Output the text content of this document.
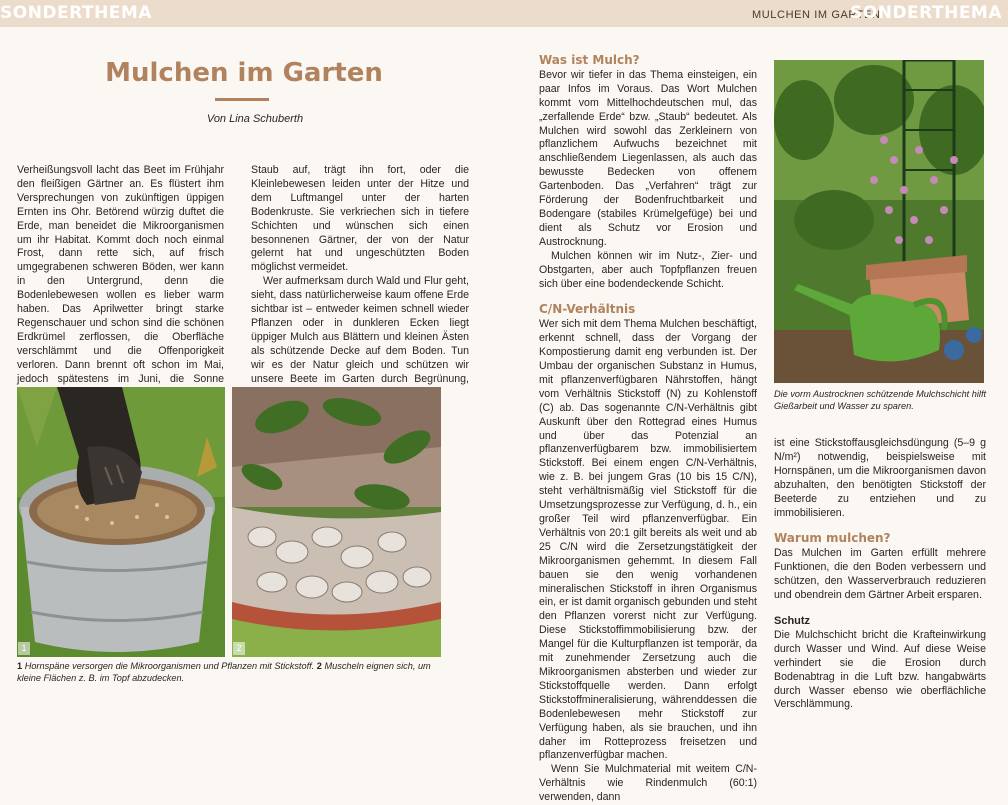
SONDERTHEMA	MULCHEN IM GARTEN
SONDERTHEMA
Mulchen im Garten
Von Lina Schuberth

Verheißungsvoll lacht das Beet im Frühjahr den fleißigen Gärtner an. Es flüstert ihm Versprechungen von zukünftigen üppigen Ernten ins Ohr. Betörend würzig duftet die Erde, man beneidet die Mikroorganismen um ihr Habitat. Kommt doch noch einmal Frost, dann rette sich, auf frisch umgegrabenen schweren Böden, wer kann in den Untergrund, denn die Bodenlebewesen wollen es lieber warm haben. Das Aprilwetter bringt starke Regenschauer und schon sind die schönen Erdkrümel zerflossen, die Oberfläche verschlämmt und die Offenporigkeit verloren. Dann brennt oft schon im Mai, jedoch spätestens im Juni, die Sonne

Staub auf, trägt ihn fort, oder die Kleinlebewesen leiden unter der Hitze und dem Luftmangel unter der harten Bodenkruste. Sie verkriechen sich in tiefere Schichten und wünschen sich einen besonnenen Gärtner, der von der Natur gelernt hat und ungeschützten Boden möglichst vermeidet.

Wer aufmerksam durch Wald und Flur geht, sieht, dass natürlicherweise kaum offene Erde sichtbar ist – entweder keimen schnell wieder Pflanzen oder in dunkleren Ecken liegt üppiger Mulch aus Blättern und kleinen Ästen als schützende Decke auf dem Boden. Tun wir es der Natur gleich und schützen wir unsere Beete im Garten durch Begrünung,

1	2
1 Hornspäne versorgen die Mikroorganismen und Pflanzen mit Stickstoff. 2 Muscheln eignen sich, um kleine Flächen z. B. im Topf abzudecken.
Was ist Mulch?

Bevor wir tiefer in das Thema einsteigen, ein paar Infos im Voraus. Das Wort Mulchen kommt vom Mittelhochdeutschen mul, das „zerfallende Erde“ bzw. „Staub“ bedeutet. Als Mulchen wird sowohl das Zerkleinern von pflanzlichem Aufwuchs bezeichnet mit anschließendem Liegenlassen, als auch das bewusste Bedecken von offenem Gartenboden. Das „Verfahren“ trägt zur Förderung der Bodenfruchtbarkeit und Bodengare (stabiles Krümelgefüge) bei und dient als Schutz vor Erosion und Austrocknung.

Mulchen können wir im Nutz-, Zier- und Obstgarten, aber auch Topfpflanzen freuen sich über eine bodendeckende Schicht.

C/N-Verhältnis

Wer sich mit dem Thema Mulchen beschäftigt, erkennt schnell, dass der Vorgang der Kompostierung damit eng verbunden ist. Der Umbau der organischen Substanz in Humus, mit pflanzenverfügbaren Nährstoffen, hängt vom Verhältnis Stickstoff (N) zu Kohlenstoff (C) ab. Das sogenannte C/N-Verhältnis gibt Auskunft über den Rottegrad eines Humus und über das Potenzial an pflanzenverfügbarem bzw. immobilisiertem Stickstoff. Bei einem engen C/N-Verhältnis, wie z. B. bei jungem Gras (10 bis 15 C/N), steht verhältnismäßig viel Stickstoff für die Umsetzungsprozesse zur Verfügung, d. h., ein großer Teil wird pflanzenverfügbar. Ein Verhältnis von 20:1 gilt bereits als weit und ab 25 C/N wird die Zersetzungstätigkeit der Mikroorganismen gehemmt. In diesem Fall bauen sie den wenig vorhandenen mineralischen Stickstoff in ihren Organismus ein, er ist damit organisch gebunden und steht den Pflanzen vorerst nicht zur Verfügung. Diese Stickstoffimmobilisierung bzw. der Mangel für die Kulturpflanzen ist temporär, da mit zunehmender Zersetzung auch die Mikroorganismen absterben und wieder zur Stickstoffquelle werden. Dann erfolgt Stickstoffmineralisierung, währenddessen die Bodenlebewesen mehr Stickstoff zur Verfügung haben, als sie brauchen, und ihn daher im Rotteprozess freisetzen und pflanzenverfügbar machen.

Wenn Sie Mulchmaterial mit weitem C/N-Verhältnis wie Rindenmulch (60:1) verwenden, dann

Die vorm Austrocknen schützende Mulchschicht hilft Gießarbeit und Wasser zu sparen.

ist eine Stickstoffausgleichsdüngung (5–9 g N/m²) notwendig, beispielsweise mit Hornspänen, um die Mikroorganismen davon abzuhalten, den benötigten Stickstoff der Beeterde zu entziehen und zu immobilisieren.

Warum mulchen?

Das Mulchen im Garten erfüllt mehrere Funktionen, die den Boden verbessern und schützen, den Wasserverbrauch reduzieren und obendrein dem Gärtner Arbeit ersparen.

Schutz

Die Mulchschicht bricht die Krafteinwirkung durch Wasser und Wind. Auf diese Weise verhindert sie die Erosion durch Bodenabtrag in die Luft bzw. hangabwärts durch Wasser ebenso wie oberflächliche Verschlämmung.
